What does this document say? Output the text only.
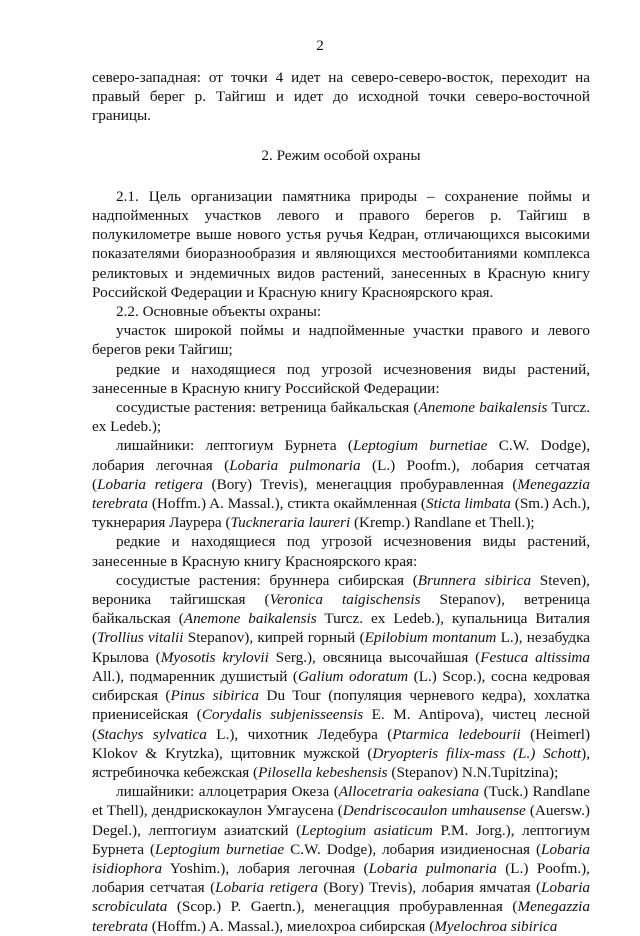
2

северо-западная: от точки 4 идет на северо-северо-восток, переходит на правый берег р. Тайгиш и идет до исходной точки северо-восточной границы.

2. Режим особой охраны

2.1. Цель организации памятника природы – сохранение поймы и надпойменных участков левого и правого берегов р. Тайгиш в полукилометре выше нового устья ручья Кедран, отличающихся высокими показателями биоразнообразия и являющихся местообитаниями комплекса реликтовых и эндемичных видов растений, занесенных в Красную книгу Российской Федерации и Красную книгу Красноярского края.

2.2. Основные объекты охраны:

участок широкой поймы и надпойменные участки правого и левого берегов реки Тайгиш;

редкие и находящиеся под угрозой исчезновения виды растений, занесенные в Красную книгу Российской Федерации:

сосудистые растения: ветреница байкальская (Anemone baikalensis Turcz. ex Ledeb.);

лишайники: лептогиум Бурнета (Leptogium burnetiae C.W. Dodge), лобария легочная (Lobaria pulmonaria (L.) Poofm.), лобария сетчатая (Lobaria retigera (Bory) Trevis), менегацция пробуравленная (Menegazzia terebrata (Hoffm.) A. Massal.), стикта окаймленная (Sticta limbata (Sm.) Ach.), тукнерария Лаурера (Tuckneraria laureri (Kremp.) Randlane et Thell.);

редкие и находящиеся под угрозой исчезновения виды растений, занесенные в Красную книгу Красноярского края:

сосудистые растения: бруннера сибирская (Brunnera sibirica Steven), вероника тайгишская (Veronica taigischensis Stepanov), ветреница байкальская (Anemone baikalensis Turcz. ex Ledeb.), купальница Виталия (Trollius vitalii Stepanov), кипрей горный (Epilobium montanum L.), незабудка Крылова (Myosotis krylovii Serg.), овсяница высочайшая (Festuca altissima All.), подмаренник душистый (Galium odoratum (L.) Scop.), сосна кедровая сибирская (Pinus sibirica Du Tour (популяция черневого кедра), хохлатка приенисейская (Corydalis subjenisseensis E. M. Antipova), чистец лесной (Stachys sylvatica L.), чихотник Ледебура (Ptarmica ledebourii (Heimerl) Klokov & Krytzka), щитовник мужской (Dryopteris filix-mass (L.) Schott), ястребиночка кебежская (Pilosella kebeshensis (Stepanov) N.N.Tupitzina);

лишайники: аллоцетрария Океза (Allocetraria oakesiana (Tuck.) Randlane et Thell), дендрискокаулон Умгаусена (Dendriscocaulon umhausense (Auersw.) Degel.), лептогиум азиатский (Leptogium asiaticum P.M. Jorg.), лептогиум Бурнета (Leptogium burnetiae C.W. Dodge), лобария изидиеносная (Lobaria isidiophora Yoshim.), лобария легочная (Lobaria pulmonaria (L.) Poofm.), лобария сетчатая (Lobaria retigera (Bory) Trevis), лобария ямчатая (Lobaria scrobiculata (Scop.) P. Gaertn.), менегацция пробуравленная (Menegazzia terebrata (Hoffm.) A. Massal.), миелохроа сибирская (Myelochroa sibirica
